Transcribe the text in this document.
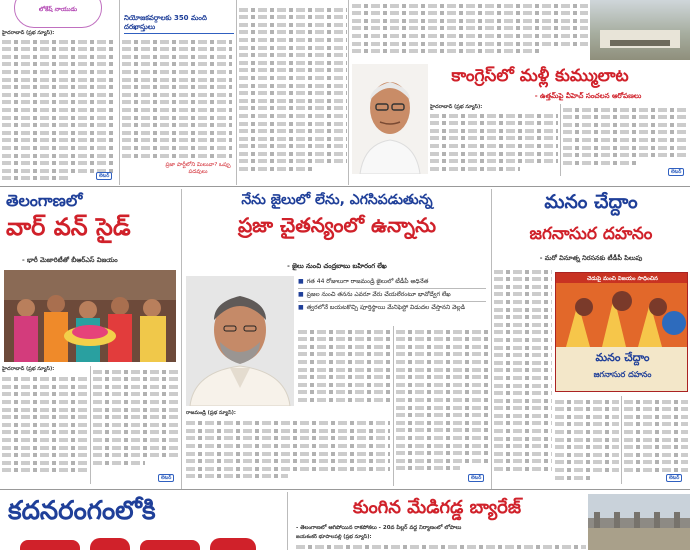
లోకేష్ నాయుడు
హైదరాబాద్ (ప్రభ న్యూస్):
లెటర్
నియోజకవర్గాలకు 350 మంది దరఖాస్తులు
ప్రజా పార్టీలోని మిలువా? ఒప్పు పదవులు
కాంగ్రెస్‌లో మళ్లీ కుమ్ములాట
- ఉత్తమ్‌పై వీహెచ్ సంచలన ఆరోపణలు
హైదరాబాద్ (ప్రభ న్యూస్):
లెటర్
తెలంగాణలో
వార్ వన్ సైడ్
- భారీ మెజారిటీతో బీఆర్ఎస్ విజయం
హైదరాబాద్ (ప్రభ న్యూస్):
లెటర్
నేను జైలులో లేను, ఎగసిపడుతున్న
ప్రజా చైతన్యంలో ఉన్నాను
- జైలు నుంచి చంద్రబాబు బహిరంగ లేఖ
■ గత 44 రోజులుగా రాజమండ్రి జైలులో టీడీపీ అధినేత
■ ప్రజల నుంచి తనను ఎవరూ వేరు చేయలేరంటూ భావోద్వేగ లేఖ
■ త్వరలోనే బయటకొచ్చి పూర్తిస్థాయి మేనిఫెస్టో విడుదల చేస్తానని వెల్లడి
రాజమండ్రి (ప్రభ న్యూస్):
లెటర్
మనం చేద్దాం
జగనాసుర దహనం
- మరో వినూత్న నిరసనకు టీడీపీ పిలుపు
చెడుపై మంచి విజయం సాధించిన
మనం చేద్దాం
జగనాసుర దహనం
లెటర్
కదనరంగంలోకి	కుంగిన మేడిగడ్డ బ్యారేజ్
- తెలంగాణలో ఆగిపోయిన రాకపోకలు - 20వ పిల్లర్ వద్ద నిర్మాణంలో లోపాలు
జయశంకర్ భూపాలపల్లి (ప్రభ న్యూస్):
